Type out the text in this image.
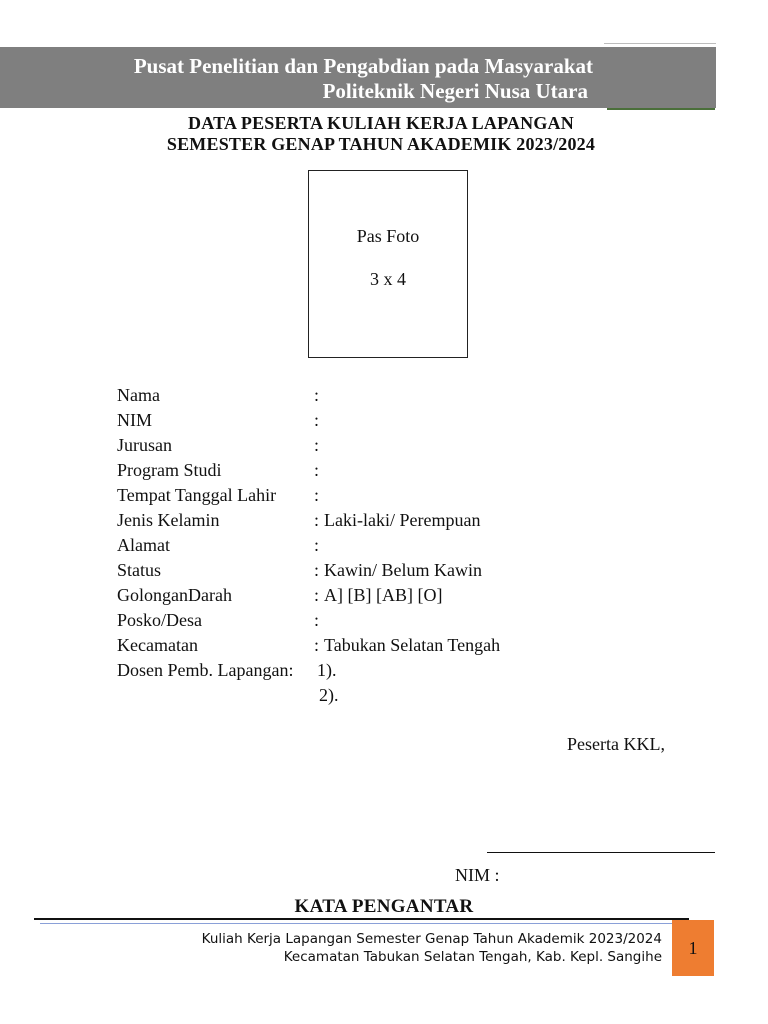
Pusat Penelitian dan Pengabdian pada Masyarakat
Politeknik Negeri Nusa Utara
DATA PESERTA KULIAH KERJA LAPANGAN
SEMESTER GENAP TAHUN AKADEMIK 2023/2024
Pas Foto
3 x 4
Nama	:
NIM	:
Jurusan	:
Program Studi	:
Tempat Tanggal Lahir :
Jenis Kelamin	: Laki-laki/ Perempuan
Alamat	:
Status	: Kawin/ Belum Kawin
GolonganDarah	: A] [B] [AB] [O]
Posko/Desa	:
Kecamatan	: Tabukan Selatan Tengah
Dosen Pemb. Lapangan: 1).
2).
Peserta KKL,
NIM :
KATA PENGANTAR
Kuliah Kerja Lapangan Semester Genap Tahun Akademik 2023/2024
Kecamatan Tabukan Selatan Tengah, Kab. Kepl. Sangihe 1
